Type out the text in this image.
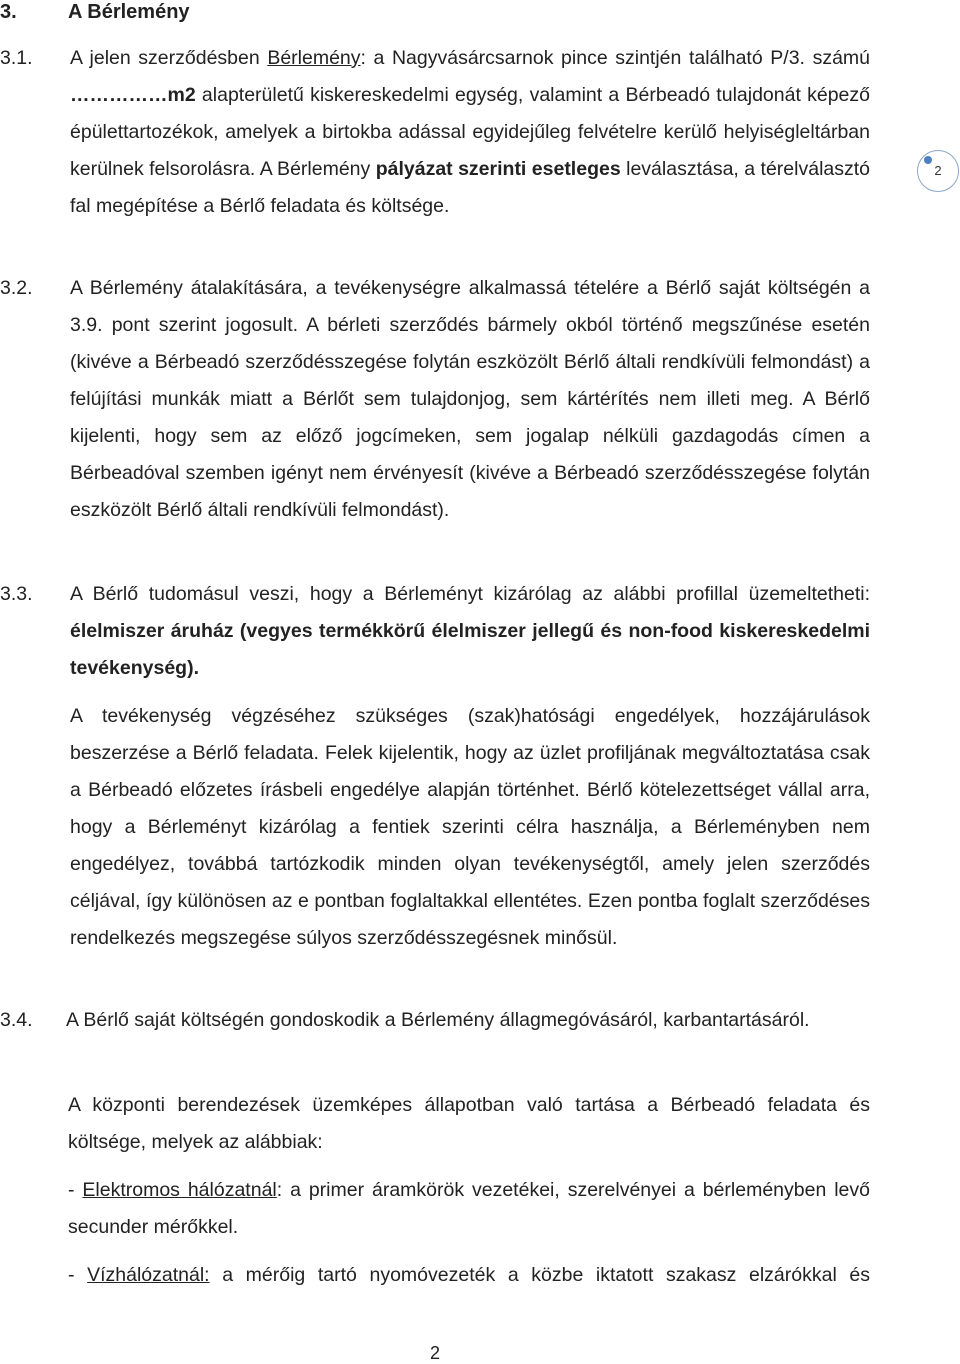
3.	A Bérlemény
2
3.1. A jelen szerződésben Bérlemény: a Nagyvásárcsarnok pince szintjén található P/3. számú ……………m2 alapterületű kiskereskedelmi egység, valamint a Bérbeadó tulajdonát képező épülettartozékok, amelyek a birtokba adással egyidejűleg felvételre kerülő helyiségleltárban kerülnek felsorolásra. A Bérlemény pályázat szerinti esetleges leválasztása, a térelválasztó fal megépítése a Bérlő feladata és költsége.

3.2. A Bérlemény átalakítására, a tevékenységre alkalmassá tételére a Bérlő saját költségén a 3.9. pont szerint jogosult. A bérleti szerződés bármely okból történő megszűnése esetén (kivéve a Bérbeadó szerződésszegése folytán eszközölt Bérlő általi rendkívüli felmondást) a felújítási munkák miatt a Bérlőt sem tulajdonjog, sem kártérítés nem illeti meg. A Bérlő kijelenti, hogy sem az előző jogcímeken, sem jogalap nélküli gazdagodás címen a Bérbeadóval szemben igényt nem érvényesít (kivéve a Bérbeadó szerződésszegése folytán eszközölt Bérlő általi rendkívüli felmondást).

3.3. A Bérlő tudomásul veszi, hogy a Bérleményt kizárólag az alábbi profillal üzemeltetheti: élelmiszer áruház (vegyes termékkörű élelmiszer jellegű és non-food kiskereskedelmi tevékenység).

A tevékenység végzéséhez szükséges (szak)hatósági engedélyek, hozzájárulások beszerzése a Bérlő feladata. Felek kijelentik, hogy az üzlet profiljának megváltoztatása csak a Bérbeadó előzetes írásbeli engedélye alapján történhet. Bérlő kötelezettséget vállal arra, hogy a Bérleményt kizárólag a fentiek szerinti célra használja, a Bérleményben nem engedélyez, továbbá tartózkodik minden olyan tevékenységtől, amely jelen szerződés céljával, így különösen az e pontban foglaltakkal ellentétes. Ezen pontba foglalt szerződéses rendelkezés megszegése súlyos szerződésszegésnek minősül.

3.4. A Bérlő saját költségén gondoskodik a Bérlemény állagmegóvásáról, karbantartásáról.

A központi berendezések üzemképes állapotban való tartása a Bérbeadó feladata és költsége, melyek az alábbiak:

- Elektromos hálózatnál: a primer áramkörök vezetékei, szerelvényei a bérleményben levő secunder mérőkkel.

- Vízhálózatnál: a mérőig tartó nyomóvezeték a közbe iktatott szakasz elzárókkal és

2
